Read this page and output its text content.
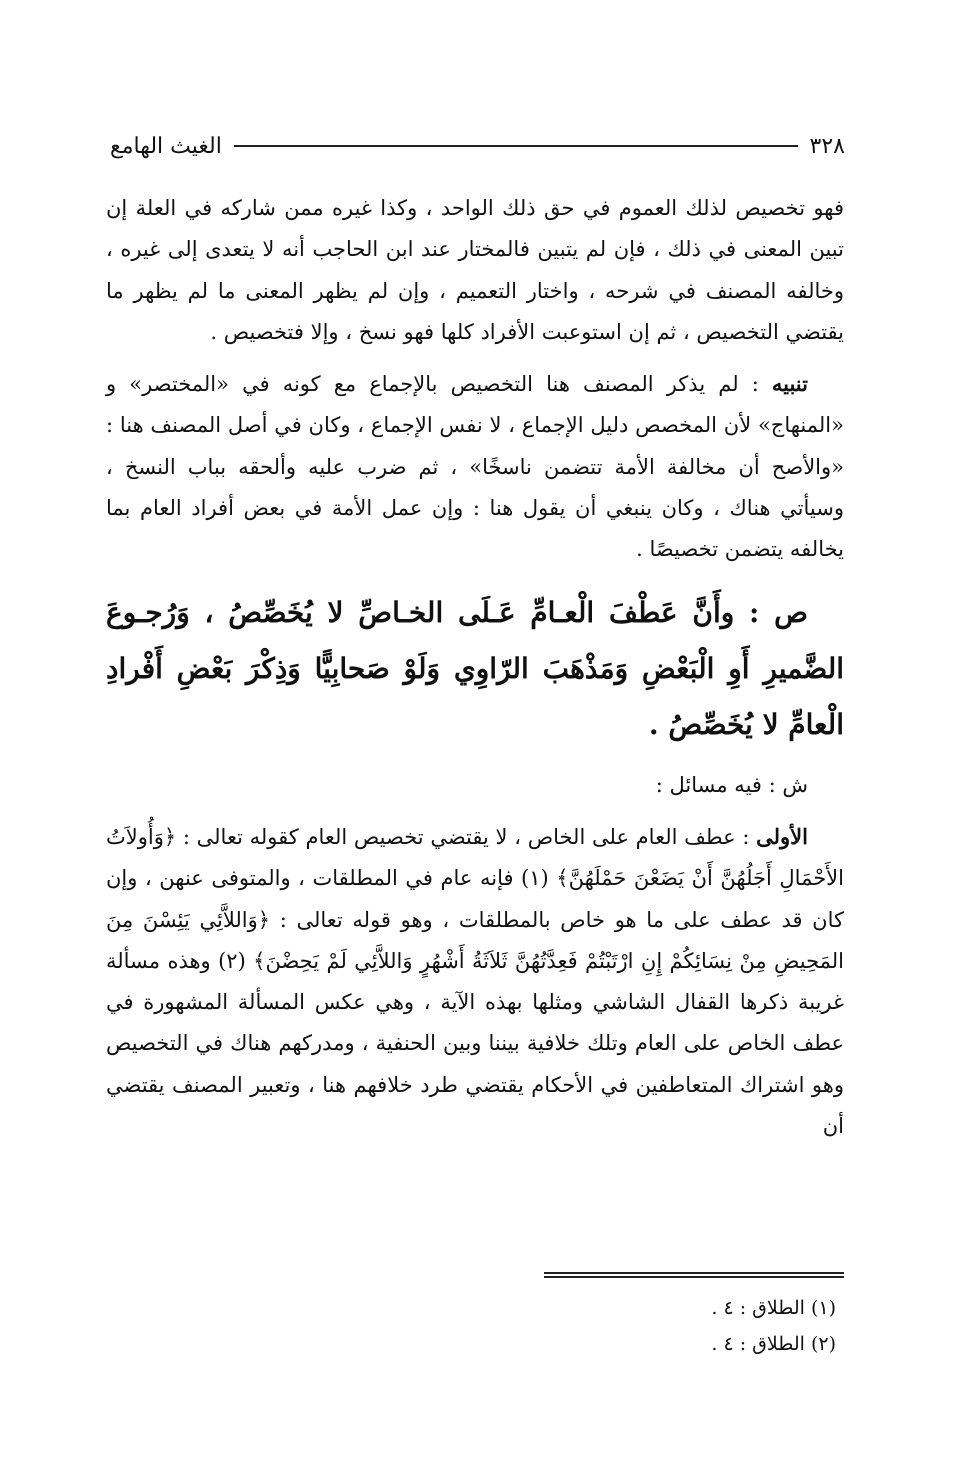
٣٢٨
الغيث الهامع

فهو تخصيص لذلك العموم في حق ذلك الواحد ، وكذا غيره ممن شاركه في العلة إن تبين المعنى في ذلك ، فإن لم يتبين فالمختار عند ابن الحاجب أنه لا يتعدى إلى غيره ، وخالفه المصنف في شرحه ، واختار التعميم ، وإن لم يظهر المعنى ما لم يظهر ما يقتضي التخصيص ، ثم إن استوعبت الأفراد كلها فهو نسخ ، وإلا فتخصيص .

تنبيه : لم يذكر المصنف هنا التخصيص بالإجماع مع كونه في «المختصر» و «المنهاج» لأن المخصص دليل الإجماع ، لا نفس الإجماع ، وكان في أصل المصنف هنا : «والأصح أن مخالفة الأمة تتضمن ناسخًا» ، ثم ضرب عليه وألحقه بباب النسخ ، وسيأتي هناك ، وكان ينبغي أن يقول هنا : وإن عمل الأمة في بعض أفراد العام بما يخالفه يتضمن تخصيصًا .

ص : وأَنَّ عَطْفَ الْعـامِّ عَـلَى الخـاصِّ لا يُخَصِّصُ ، وَرُجـوعَ الضَّميرِ أَوِ الْبَعْضِ وَمَذْهَبَ الرّاوِي وَلَوْ صَحابِيًّا وَذِكْرَ بَعْضِ أَفْرادِ الْعامِّ لا يُخَصِّصُ .

ش : فيه مسائل :

الأولى : عطف العام على الخاص ، لا يقتضي تخصيص العام كقوله تعالى : ﴿وَأُولاَتُ الأَحْمَالِ أَجَلُهُنَّ أَنْ يَضَعْنَ حَمْلَهُنَّ﴾ (١) فإنه عام في المطلقات ، والمتوفى عنهن ، وإن كان قد عطف على ما هو خاص بالمطلقات ، وهو قوله تعالى : ﴿وَاللاَّئِي يَئِسْنَ مِنَ المَحِيضِ مِنْ نِسَائِكُمْ إِنِ ارْتَبْتُمْ فَعِدَّتُهُنَّ ثَلاَثَةُ أَشْهُرٍ وَاللاَّئِي لَمْ يَحِضْنَ﴾ (٢) وهذه مسألة غريبة ذكرها القفال الشاشي ومثلها بهذه الآية ، وهي عكس المسألة المشهورة في عطف الخاص على العام وتلك خلافية بيننا وبين الحنفية ، ومدركهم هناك في التخصيص وهو اشتراك المتعاطفين في الأحكام يقتضي طرد خلافهم هنا ، وتعبير المصنف يقتضي أن

(١) الطلاق : ٤ .

(٢) الطلاق : ٤ .
